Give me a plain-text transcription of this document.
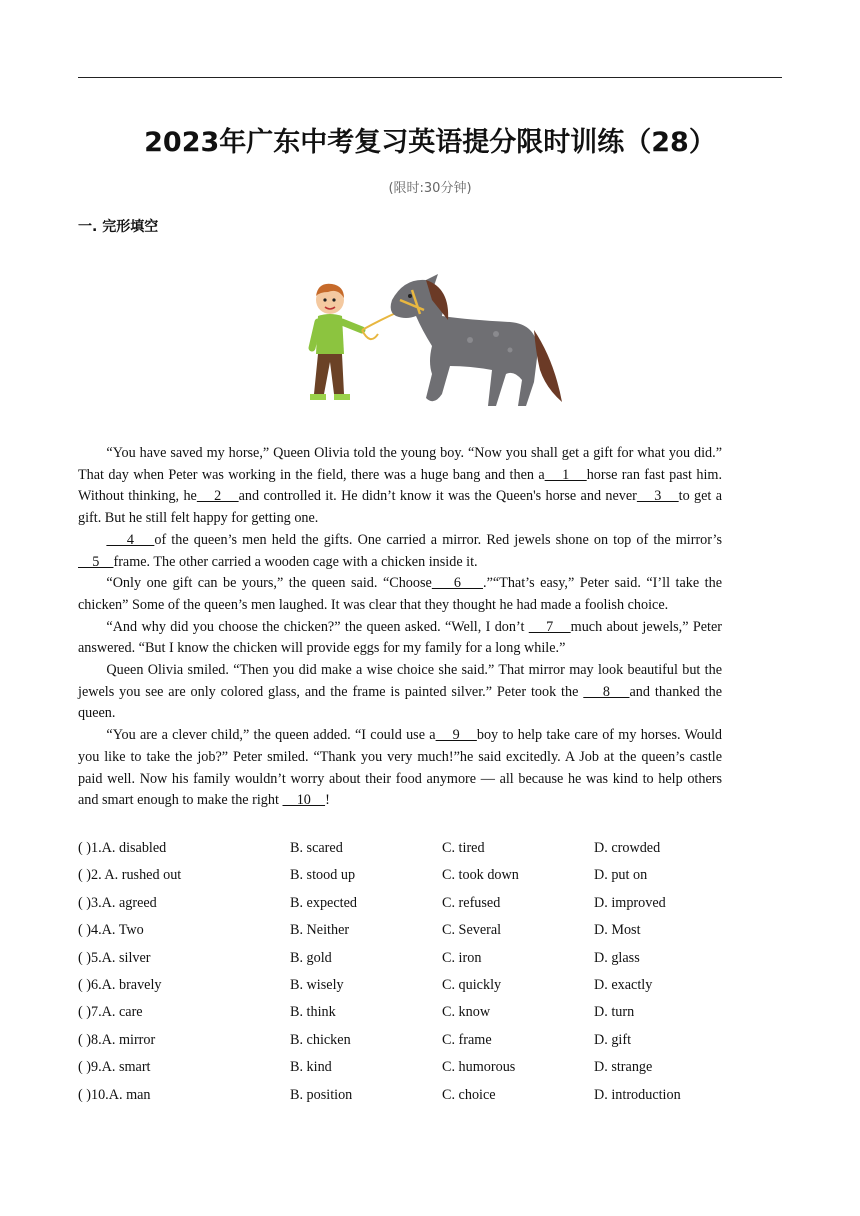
2023年广东中考复习英语提分限时训练（28）
(限时:30分钟)
一. 完形填空

“You have saved my horse,” Queen Olivia told the young boy. “Now you shall get a gift for what you did.” That day when Peter was working in the field, there was a huge bang and then a    1    horse ran fast past him. Without thinking, he    2    and controlled it. He didn’t know it was the Queen's horse and never    3    to get a gift. But he still felt happy for getting one.

4    of the queen’s men held the gifts. One carried a mirror. Red jewels shone on top of the mirror’s    5    frame. The other carried a wooden cage with a chicken inside it.

“Only one gift can be yours,” the queen said. “Choose    6    .”“That’s easy,” Peter said. “I’ll take the chicken” Some of the queen’s men laughed. It was clear that they thought he had made a foolish choice.

“And why did you choose the chicken?” the queen asked. “Well, I don’t     7    much about jewels,” Peter answered. “But I know the chicken will provide eggs for my family for a long while.”

Queen Olivia smiled. “Then you did make a wise choice she said.” That mirror may look beautiful but the jewels you see are only colored glass, and the frame is painted silver.” Peter took the     8    and thanked the queen.

“You are a clever child,” the queen added. “I could use a    9    boy to help take care of my horses. Would you like to take the job?” Peter smiled. “Thank you very much!”he said excitedly. A Job at the queen’s castle paid well. Now his family wouldn’t worry about their food anymore — all because he was kind to help others and smart enough to make the right     10    !

( )1.A. disabled	B. scared	C. tired	D. crowded
( )2. A. rushed out	B. stood up	C. took down	D. put on
( )3.A. agreed	B. expected	C. refused	D. improved
( )4.A. Two	B. Neither	C. Several	D. Most
( )5.A. silver	B. gold	C. iron	D. glass
( )6.A. bravely	B. wisely	C. quickly	D. exactly
( )7.A. care	B. think	C. know	D. turn
( )8.A. mirror	B. chicken	C. frame	D. gift
( )9.A. smart	B. kind	C. humorous	D. strange
( )10.A. man	B. position	C. choice	D. introduction
